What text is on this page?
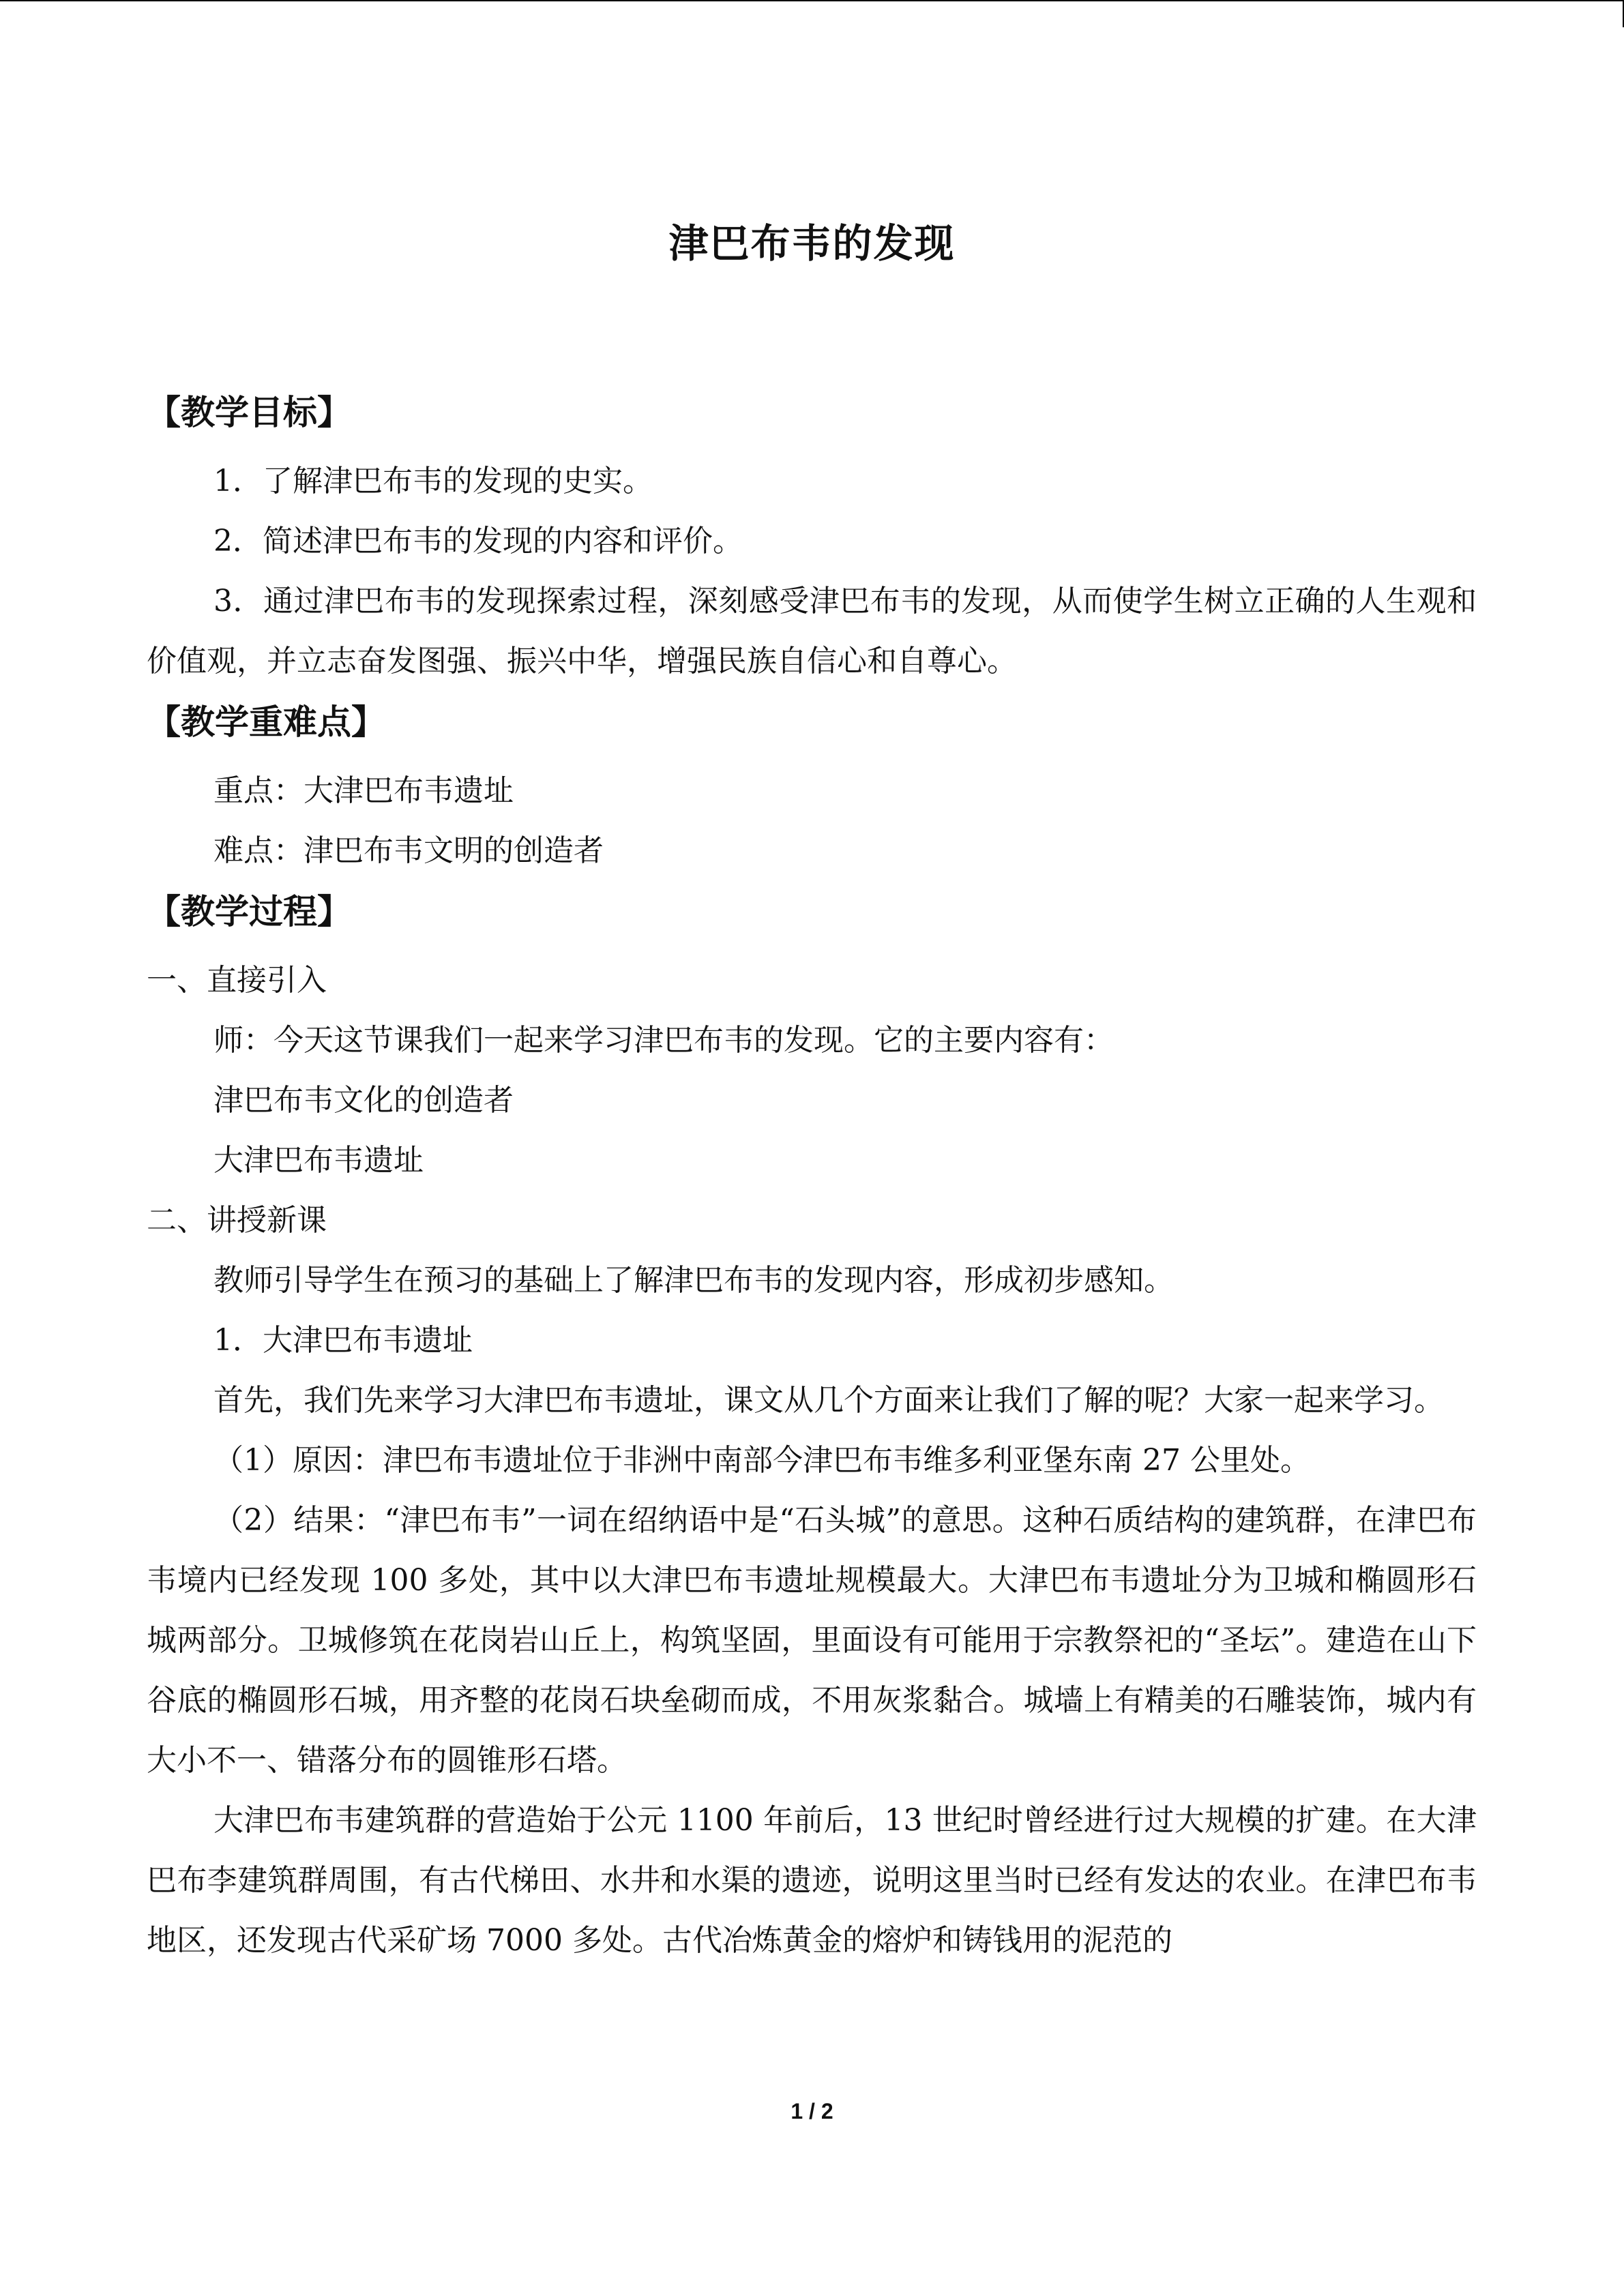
津巴布韦的发现
【教学目标】

1．了解津巴布韦的发现的史实。

2．简述津巴布韦的发现的内容和评价。

3．通过津巴布韦的发现探索过程，深刻感受津巴布韦的发现，从而使学生树立正确的人生观和价值观，并立志奋发图强、振兴中华，增强民族自信心和自尊心。

【教学重难点】

重点：大津巴布韦遗址

难点：津巴布韦文明的创造者

【教学过程】

一、直接引入

师：今天这节课我们一起来学习津巴布韦的发现。它的主要内容有：

津巴布韦文化的创造者

大津巴布韦遗址

二、讲授新课

教师引导学生在预习的基础上了解津巴布韦的发现内容，形成初步感知。

1．大津巴布韦遗址

首先，我们先来学习大津巴布韦遗址，课文从几个方面来让我们了解的呢？大家一起来学习。

（1）原因：津巴布韦遗址位于非洲中南部今津巴布韦维多利亚堡东南 27 公里处。

（2）结果：“津巴布韦”一词在绍纳语中是“石头城”的意思。这种石质结构的建筑群，在津巴布韦境内已经发现 100 多处，其中以大津巴布韦遗址规模最大。大津巴布韦遗址分为卫城和椭圆形石城两部分。卫城修筑在花岗岩山丘上，构筑坚固，里面设有可能用于宗教祭祀的“圣坛”。建造在山下谷底的椭圆形石城，用齐整的花岗石块垒砌而成，不用灰浆黏合。城墙上有精美的石雕装饰，城内有大小不一、错落分布的圆锥形石塔。

大津巴布韦建筑群的营造始于公元 1100 年前后，13 世纪时曾经进行过大规模的扩建。在大津巴布李建筑群周围，有古代梯田、水井和水渠的遗迹，说明这里当时已经有发达的农业。在津巴布韦地区，还发现古代采矿场 7000 多处。古代冶炼黄金的熔炉和铸钱用的泥范的

1 / 2
